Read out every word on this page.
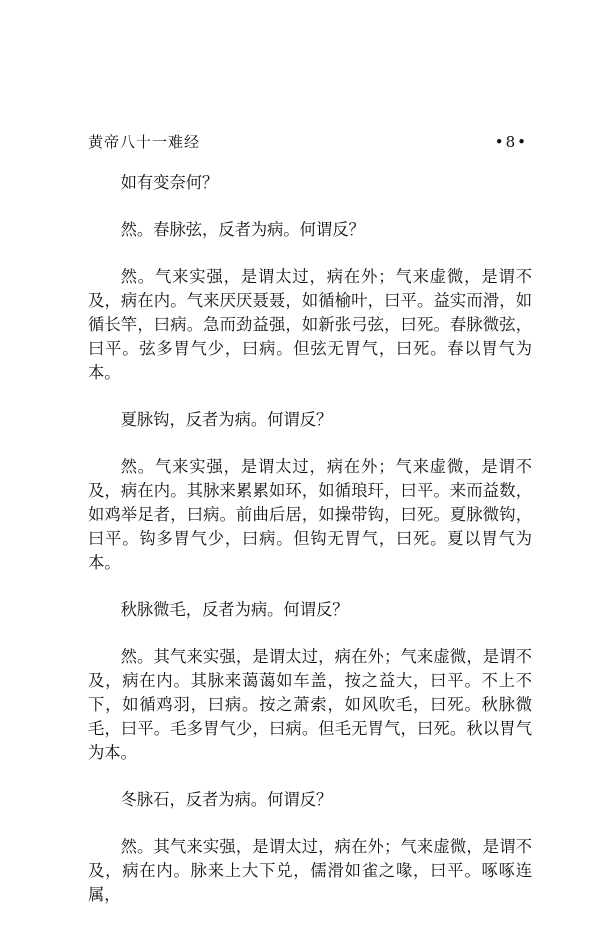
黄帝八十一难经	•8•

如有变奈何？

然。春脉弦，反者为病。何谓反？

然。气来实强，是谓太过，病在外；气来虚微，是谓不及，病在内。气来厌厌聂聂，如循榆叶，曰平。益实而滑，如循长竿，曰病。急而劲益强，如新张弓弦，曰死。春脉微弦，曰平。弦多胃气少，曰病。但弦无胃气，曰死。春以胃气为本。

夏脉钩，反者为病。何谓反？

然。气来实强，是谓太过，病在外；气来虚微，是谓不及，病在内。其脉来累累如环，如循琅玕，曰平。来而益数，如鸡举足者，曰病。前曲后居，如操带钩，曰死。夏脉微钩，曰平。钩多胃气少，曰病。但钩无胃气，曰死。夏以胃气为本。

秋脉微毛，反者为病。何谓反？

然。其气来实强，是谓太过，病在外；气来虚微，是谓不及，病在内。其脉来蔼蔼如车盖，按之益大，曰平。不上不下，如循鸡羽，曰病。按之萧索，如风吹毛，曰死。秋脉微毛，曰平。毛多胃气少，曰病。但毛无胃气，曰死。秋以胃气为本。

冬脉石，反者为病。何谓反？

然。其气来实强，是谓太过，病在外；气来虚微，是谓不及，病在内。脉来上大下兑，儒滑如雀之喙，曰平。啄啄连属，
